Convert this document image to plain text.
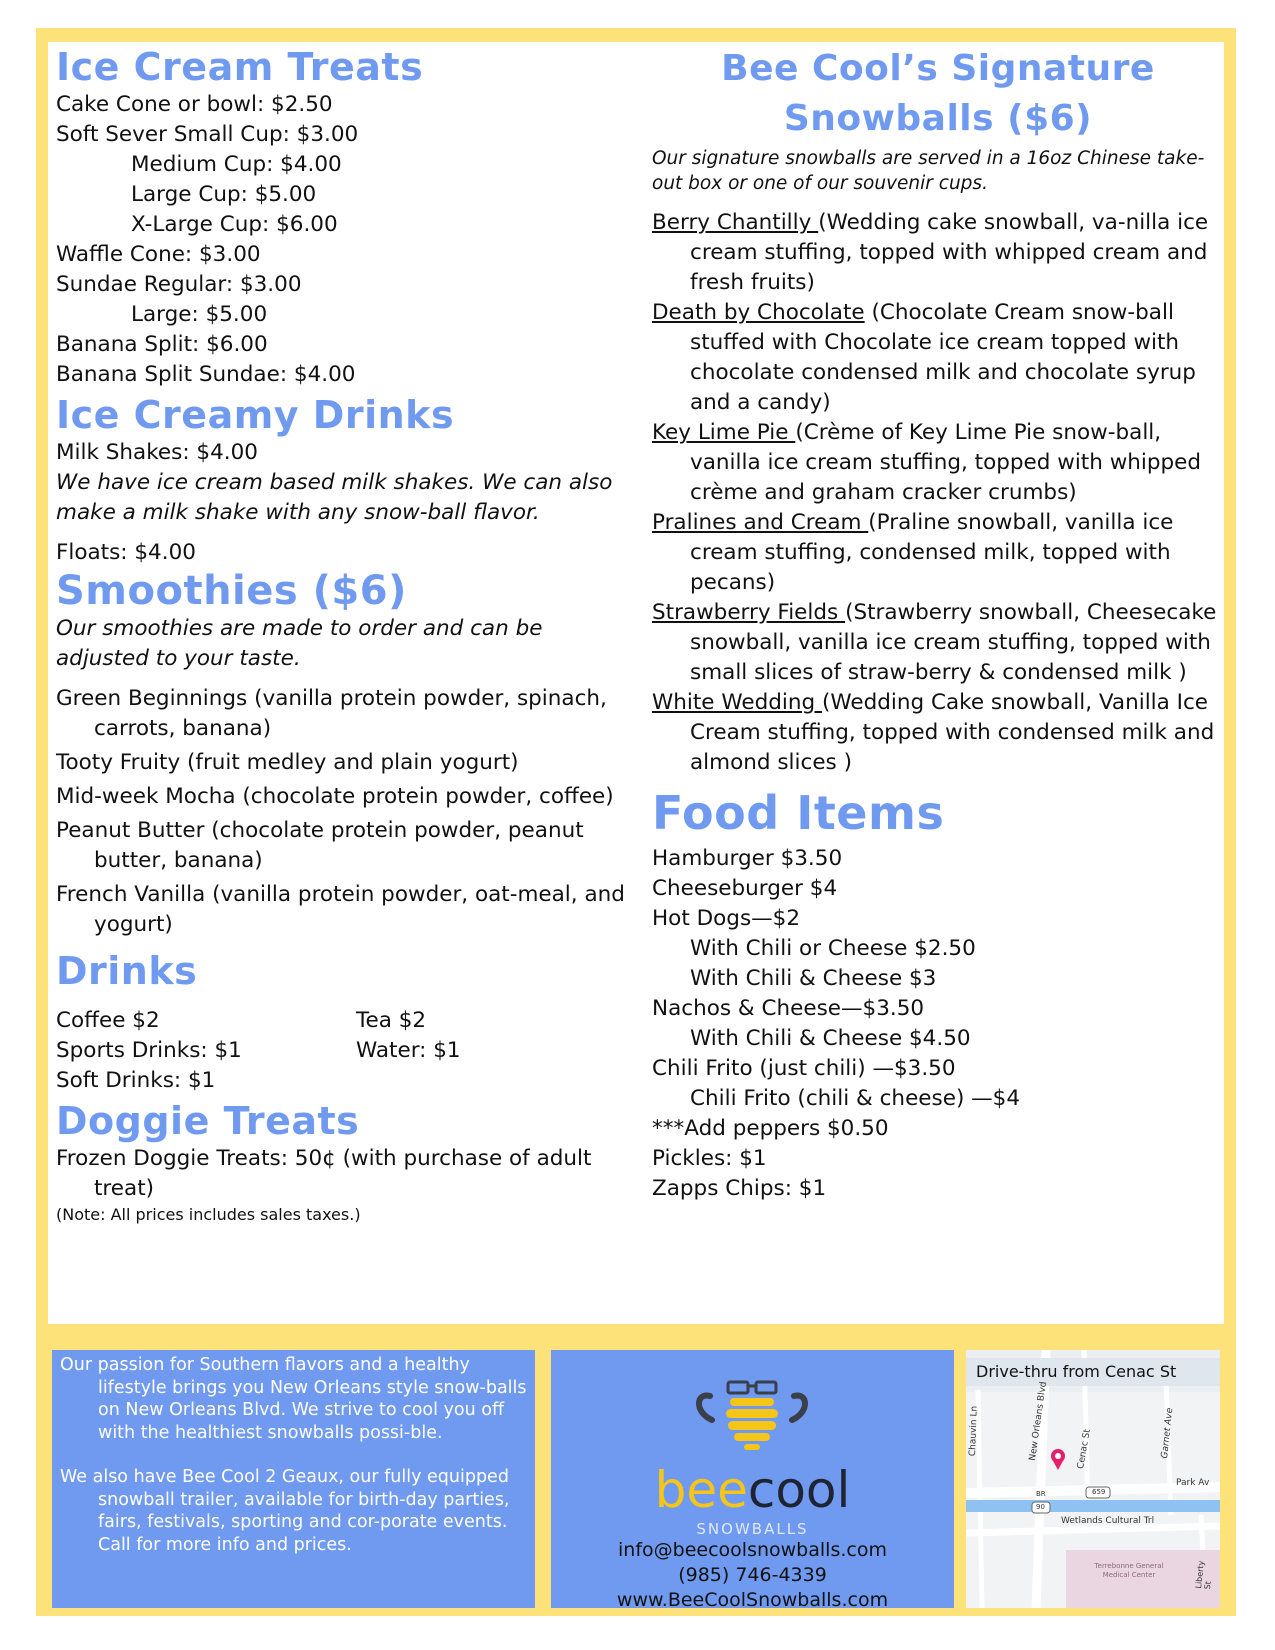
Ice Cream Treats
Cake Cone or bowl: $2.50
Soft Sever Small Cup: $3.00
Medium Cup: $4.00
Large Cup: $5.00
X-Large Cup: $6.00
Waffle Cone: $3.00
Sundae Regular: $3.00
Large: $5.00
Banana Split: $6.00
Banana Split Sundae: $4.00
Ice Creamy Drinks
Milk Shakes: $4.00
We have ice cream based milk shakes. We can also make a milk shake with any snow-ball flavor.
Floats: $4.00
Smoothies ($6)
Our smoothies are made to order and can be adjusted to your taste.
Green Beginnings (vanilla protein powder, spinach, carrots, banana)
Tooty Fruity (fruit medley and plain yogurt)
Mid-week Mocha (chocolate protein powder, coffee)
Peanut Butter (chocolate protein powder, peanut butter, banana)
French Vanilla (vanilla protein powder, oat-meal, and yogurt)
Drinks
Coffee $2	Tea $2
Sports Drinks: $1	Water: $1
Soft Drinks: $1
Doggie Treats
Frozen Doggie Treats: 50¢ (with purchase of adult treat)
(Note: All prices includes sales taxes.)
Bee Cool’s Signature
Snowballs ($6)
Our signature snowballs are served in a 16oz Chinese take-out box or one of our souvenir cups.
Berry Chantilly (Wedding cake snowball, va-nilla ice cream stuffing, topped with whipped cream and fresh fruits)
Death by Chocolate (Chocolate Cream snow-ball stuffed with Chocolate ice cream topped with chocolate condensed milk and chocolate syrup and a candy)
Key Lime Pie (Crème of Key Lime Pie snow-ball, vanilla ice cream stuffing, topped with whipped crème and graham cracker crumbs)
Pralines and Cream (Praline snowball, vanilla ice cream stuffing, condensed milk, topped with pecans)
Strawberry Fields (Strawberry snowball, Cheesecake snowball, vanilla ice cream stuffing, topped with small slices of straw-berry & condensed milk )
White Wedding (Wedding Cake snowball, Vanilla Ice Cream stuffing, topped with condensed milk and almond slices )
Food Items
Hamburger $3.50
Cheeseburger $4
Hot Dogs—$2
With Chili or Cheese $2.50
With Chili & Cheese $3
Nachos & Cheese—$3.50
With Chili & Cheese $4.50
Chili Frito (just chili) —$3.50
Chili Frito (chili & cheese) —$4
***Add peppers $0.50
Pickles: $1
Zapps Chips: $1

Our passion for Southern flavors and a healthy lifestyle brings you New Orleans style snow-balls on New Orleans Blvd. We strive to cool you off with the healthiest snowballs possi-ble.

We also have Bee Cool 2 Geaux, our fully equipped snowball trailer, available for birth-day parties, fairs, festivals, sporting and cor-porate events. Call for more info and prices.

beecool
SNOWBALLS
info@beecoolsnowballs.com
(985) 746-4339
www.BeeCoolSnowballs.com
Drive-thru from Cenac St
New Orleans Blvd
Chauvin Ln	Cenac St	Garnet Ave
Park Av
Wetlands Cultural Trl
Liberty St
Terrebonne General Medical Center
659
90
BR
